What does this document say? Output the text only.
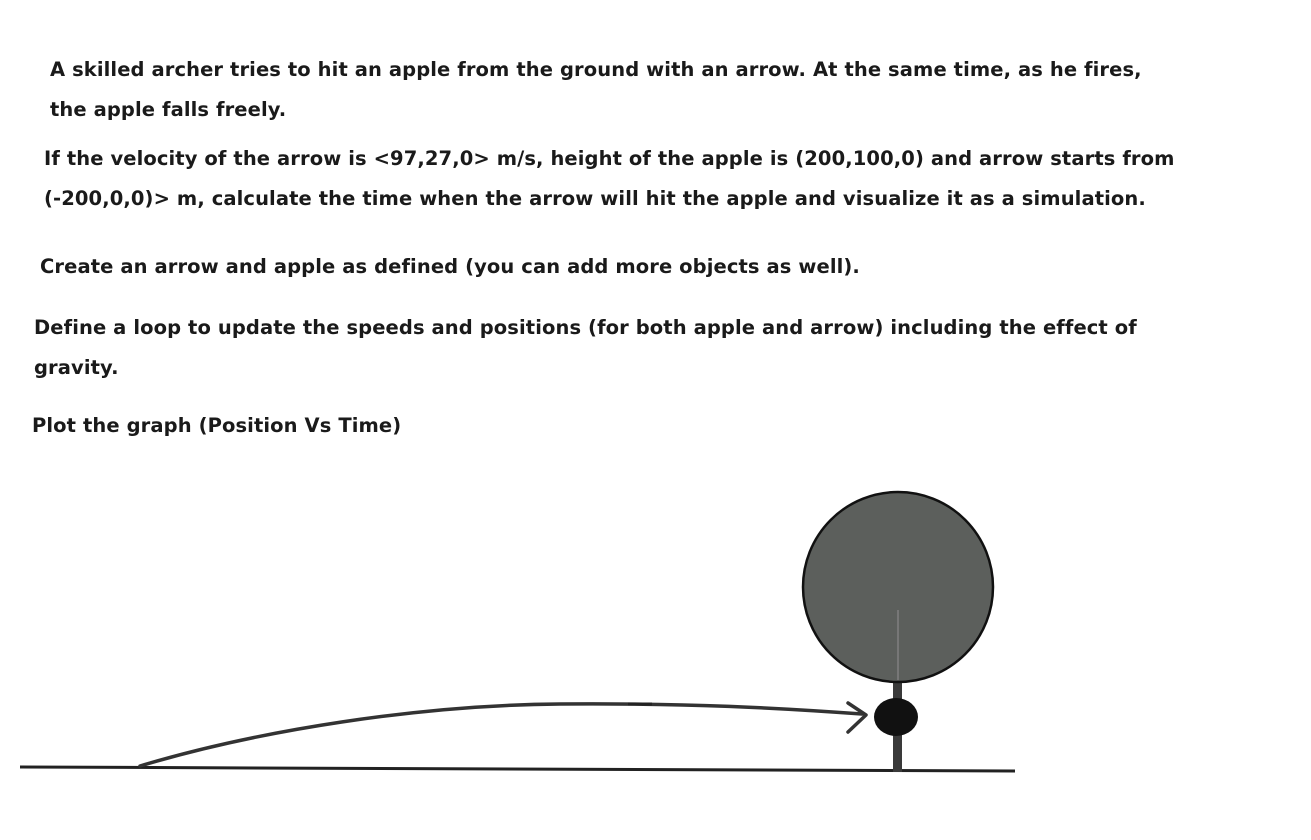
A skilled archer tries to hit an apple from the ground with an arrow. At the same time, as he fires,
the apple falls freely.
If the velocity of the arrow is <97,27,0> m/s, height of the apple is (200,100,0) and arrow starts from
(-200,0,0)> m, calculate the time when the arrow will hit the apple and visualize it as a simulation.
Create an arrow and apple as defined (you can add more objects as well).
Define a loop to update the speeds and positions (for both apple and arrow) including the effect of
gravity.
Plot the graph (Position Vs Time)
